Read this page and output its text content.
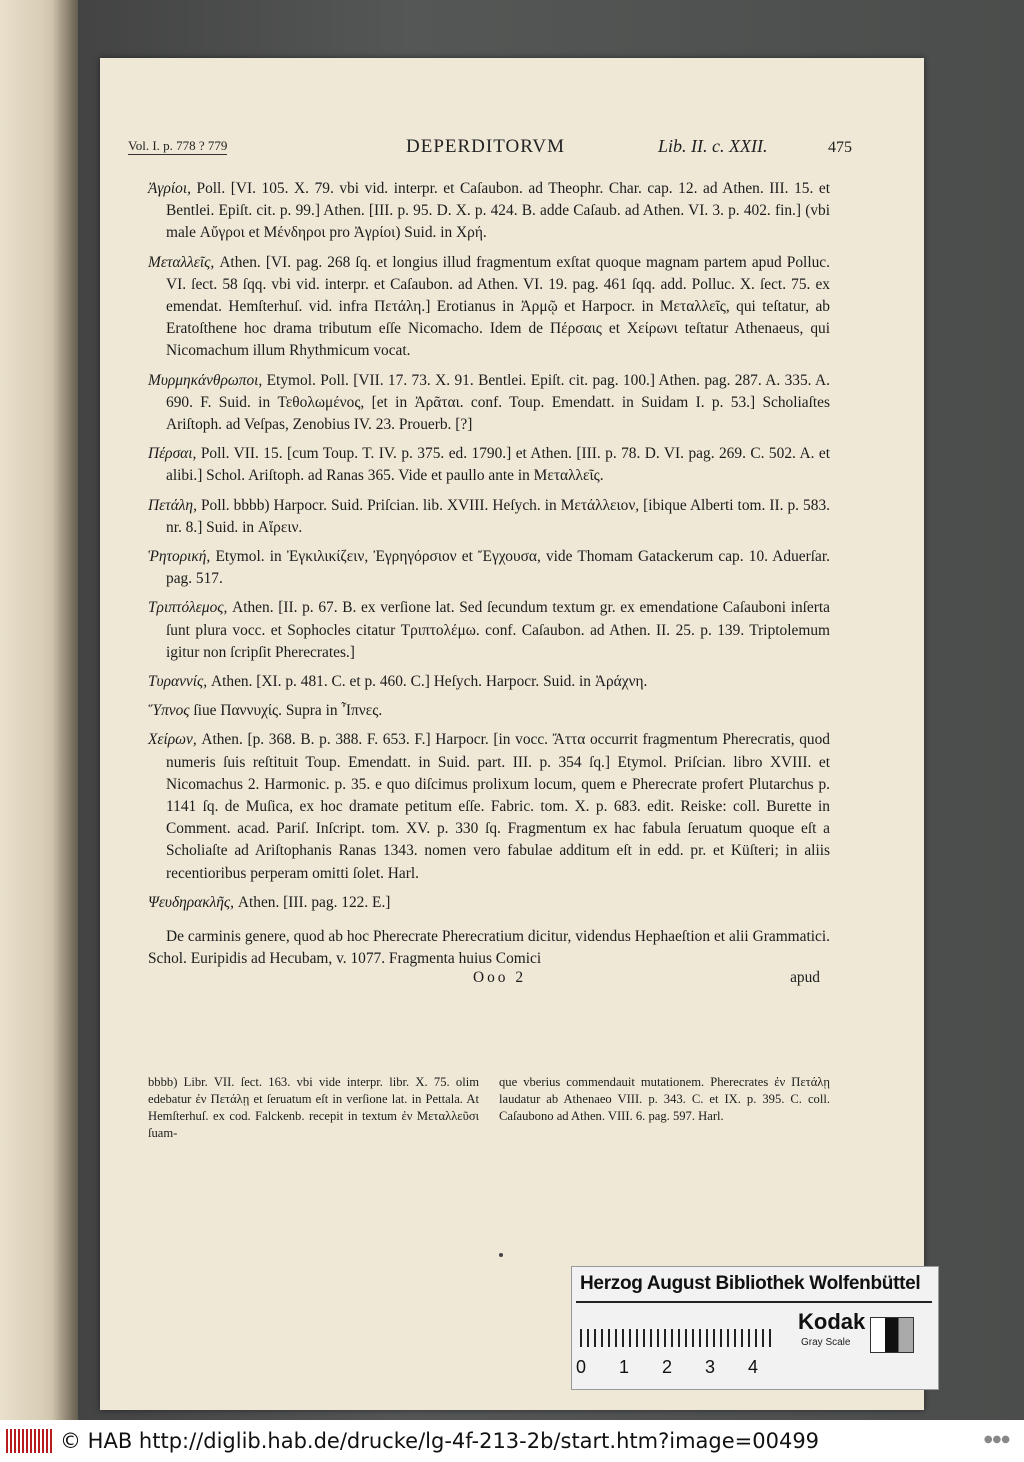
Vol. I. p. 778 ? 779	DEPERDITORVM	Lib. II. c. XXII.	475

Ἀγρίοι, Poll. [VI. 105. X. 79. vbi vid. interpr. et Caſaubon. ad Theophr. Char. cap. 12. ad Athen. III. 15. et Bentlei. Epiſt. cit. p. 99.] Athen. [III. p. 95. D. X. p. 424. B. adde Caſaub. ad Athen. VI. 3. p. 402. fin.] (vbi male Αὔγροι et Μένδηροι pro Ἀγρίοι) Suid. in Χρή.

Μεταλλεῖς, Athen. [VI. pag. 268 ſq. et longius illud fragmentum exſtat quoque magnam partem apud Polluc. VI. ſect. 58 ſqq. vbi vid. interpr. et Caſaubon. ad Athen. VI. 19. pag. 461 ſqq. add. Polluc. X. ſect. 75. ex emendat. Hemſterhuſ. vid. infra Πετάλη.] Erotianus in Ἀρμῷ et Harpocr. in Μεταλλεῖς, qui teſtatur, ab Eratoſthene hoc drama tributum eſſe Nicomacho. Idem de Πέρσαις et Χείρωνι teſtatur Athenaeus, qui Nicomachum illum Rhythmicum vocat.

Μυρμηκάνθρωποι, Etymol. Poll. [VII. 17. 73. X. 91. Bentlei. Epiſt. cit. pag. 100.] Athen. pag. 287. A. 335. A. 690. F. Suid. in Τεθολωμένος, [et in Ἀρᾶται. conf. Toup. Emendatt. in Suidam I. p. 53.] Scholiaſtes Ariſtoph. ad Veſpas, Zenobius IV. 23. Prouerb. [?]

Πέρσαι, Poll. VII. 15. [cum Toup. T. IV. p. 375. ed. 1790.] et Athen. [III. p. 78. D. VI. pag. 269. C. 502. A. et alibi.] Schol. Ariſtoph. ad Ranas 365. Vide et paullo ante in Μεταλλεῖς.

Πετάλη, Poll. bbbb) Harpocr. Suid. Priſcian. lib. XVIII. Heſych. in Μετάλλειον, [ibique Alberti tom. II. p. 583. nr. 8.] Suid. in Αἴρειν.

Ῥητορική, Etymol. in Ἐγκιλικίζειν, Ἐγρηγόρσιον et Ἔγχουσα, vide Thomam Gatackerum cap. 10. Aduerſar. pag. 517.

Τριπτόλεμος, Athen. [II. p. 67. B. ex verſione lat. Sed ſecundum textum gr. ex emendatione Caſauboni inſerta ſunt plura vocc. et Sophocles citatur Τριπτολέμω. conf. Caſaubon. ad Athen. II. 25. p. 139. Triptolemum igitur non ſcripſit Pherecrates.]

Τυραννίς, Athen. [XI. p. 481. C. et p. 460. C.] Heſych. Harpocr. Suid. in Ἀράχνη.

Ὕπνος ſiue Παννυχίς. Supra in Ἶπνες.

Χείρων, Athen. [p. 368. B. p. 388. F. 653. F.] Harpocr. [in vocc. Ἄττα occurrit fragmentum Pherecratis, quod numeris ſuis reſtituit Toup. Emendatt. in Suid. part. III. p. 354 ſq.] Etymol. Priſcian. libro XVIII. et Nicomachus 2. Harmonic. p. 35. e quo diſcimus prolixum locum, quem e Pherecrate profert Plutarchus p. 1141 ſq. de Muſica, ex hoc dramate petitum eſſe. Fabric. tom. X. p. 683. edit. Reiske: coll. Burette in Comment. acad. Pariſ. Inſcript. tom. XV. p. 330 ſq. Fragmentum ex hac fabula ſeruatum quoque eſt a Scholiaſte ad Ariſtophanis Ranas 1343. nomen vero fabulae additum eſt in edd. pr. et Küſteri; in aliis recentioribus perperam omitti ſolet. Harl.

Ψευδηρακλῆς, Athen. [III. pag. 122. E.]

De carminis genere, quod ab hoc Pherecrate Pherecratium dicitur, videndus Hephaeſtion et alii Grammatici. Schol. Euripidis ad Hecubam, v. 1077. Fragmenta huius Comici

Ooo 2	apud
bbbb) Libr. VII. ſect. 163. vbi vide interpr. libr. X. 75. olim edebatur ἐν Πετάλῃ et ſeruatum eſt in verſione lat. in Pettala. At Hemſterhuſ. ex cod. Falckenb. recepit in textum ἐν Μεταλλεῦσι ſuam-
que vberius commendauit mutationem. Pherecrates ἐν Πετάλῃ laudatur ab Athenaeo VIII. p. 343. C. et IX. p. 395. C. coll. Caſaubono ad Athen. VIII. 6. pag. 597. Harl.
Herzog August Bibliothek Wolfenbüttel
Kodak
Gray Scale
0 1 2 3 4
© HAB http://diglib.hab.de/drucke/lg-4f-213-2b/start.htm?image=00499	●●●
